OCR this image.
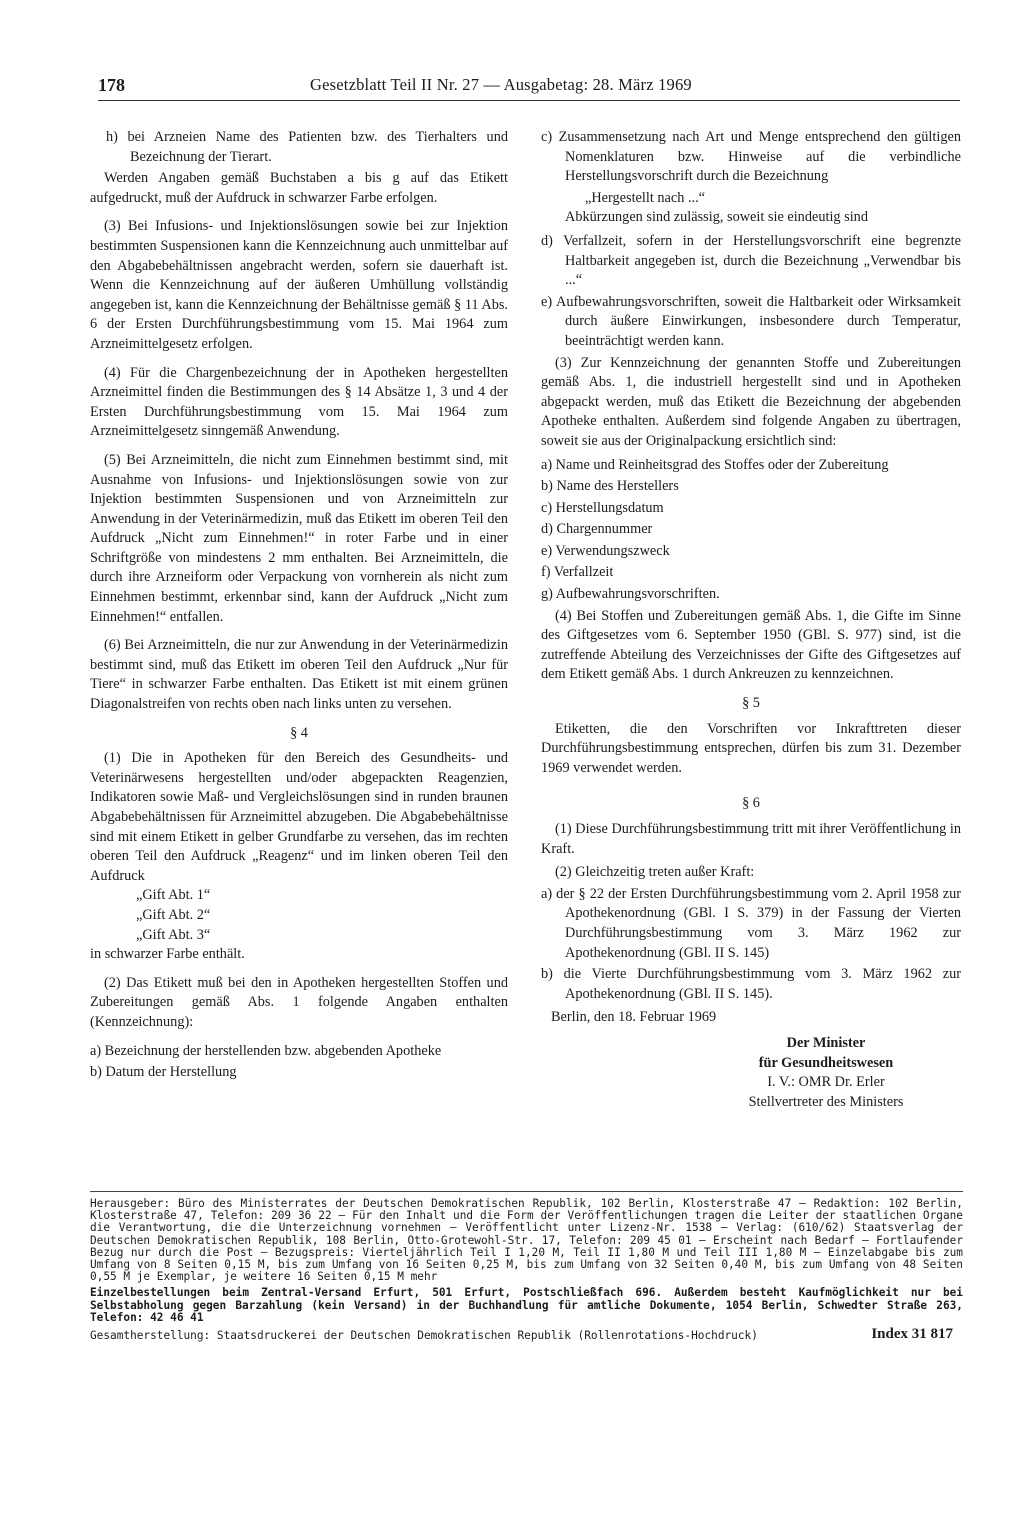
178	Gesetzblatt Teil II Nr. 27 — Ausgabetag: 28. März 1969

h) bei Arzneien Name des Patienten bzw. des Tierhalters und Bezeichnung der Tierart.

Werden Angaben gemäß Buchstaben a bis g auf das Etikett aufgedruckt, muß der Aufdruck in schwarzer Farbe erfolgen.

(3) Bei Infusions- und Injektionslösungen sowie bei zur Injektion bestimmten Suspensionen kann die Kennzeichnung auch unmittelbar auf den Abgabebehältnissen angebracht werden, sofern sie dauerhaft ist. Wenn die Kennzeichnung auf der äußeren Umhüllung vollständig angegeben ist, kann die Kennzeichnung der Behältnisse gemäß § 11 Abs. 6 der Ersten Durchführungsbestimmung vom 15. Mai 1964 zum Arzneimittelgesetz erfolgen.

(4) Für die Chargenbezeichnung der in Apotheken hergestellten Arzneimittel finden die Bestimmungen des § 14 Absätze 1, 3 und 4 der Ersten Durchführungsbestimmung vom 15. Mai 1964 zum Arzneimittelgesetz sinngemäß Anwendung.

(5) Bei Arzneimitteln, die nicht zum Einnehmen bestimmt sind, mit Ausnahme von Infusions- und Injektionslösungen sowie von zur Injektion bestimmten Suspensionen und von Arzneimitteln zur Anwendung in der Veterinärmedizin, muß das Etikett im oberen Teil den Aufdruck „Nicht zum Einnehmen!“ in roter Farbe und in einer Schriftgröße von mindestens 2 mm enthalten. Bei Arzneimitteln, die durch ihre Arzneiform oder Verpackung von vornherein als nicht zum Einnehmen bestimmt, erkennbar sind, kann der Aufdruck „Nicht zum Einnehmen!“ entfallen.

(6) Bei Arzneimitteln, die nur zur Anwendung in der Veterinärmedizin bestimmt sind, muß das Etikett im oberen Teil den Aufdruck „Nur für Tiere“ in schwarzer Farbe enthalten. Das Etikett ist mit einem grünen Diagonalstreifen von rechts oben nach links unten zu versehen.

§ 4

(1) Die in Apotheken für den Bereich des Gesundheits- und Veterinärwesens hergestellten und/oder abgepackten Reagenzien, Indikatoren sowie Maß- und Vergleichslösungen sind in runden braunen Abgabebehältnissen für Arzneimittel abzugeben. Die Abgabebehältnisse sind mit einem Etikett in gelber Grundfarbe zu versehen, das im rechten oberen Teil den Aufdruck „Reagenz“ und im linken oberen Teil den Aufdruck

„Gift Abt. 1“

„Gift Abt. 2“

„Gift Abt. 3“

in schwarzer Farbe enthält.

(2) Das Etikett muß bei den in Apotheken hergestellten Stoffen und Zubereitungen gemäß Abs. 1 folgende Angaben enthalten (Kennzeichnung):

a) Bezeichnung der herstellenden bzw. abgebenden Apotheke

b) Datum der Herstellung

c) Zusammensetzung nach Art und Menge entsprechend den gültigen Nomenklaturen bzw. Hinweise auf die verbindliche Herstellungsvorschrift durch die Bezeichnung

„Hergestellt nach ...“

Abkürzungen sind zulässig, soweit sie eindeutig sind

d) Verfallzeit, sofern in der Herstellungsvorschrift eine begrenzte Haltbarkeit angegeben ist, durch die Bezeichnung „Verwendbar bis ...“

e) Aufbewahrungsvorschriften, soweit die Haltbarkeit oder Wirksamkeit durch äußere Einwirkungen, insbesondere durch Temperatur, beeinträchtigt werden kann.

(3) Zur Kennzeichnung der genannten Stoffe und Zubereitungen gemäß Abs. 1, die industriell hergestellt sind und in Apotheken abgepackt werden, muß das Etikett die Bezeichnung der abgebenden Apotheke enthalten. Außerdem sind folgende Angaben zu übertragen, soweit sie aus der Originalpackung ersichtlich sind:

a) Name und Reinheitsgrad des Stoffes oder der Zubereitung

b) Name des Herstellers

c) Herstellungsdatum

d) Chargennummer

e) Verwendungszweck

f) Verfallzeit

g) Aufbewahrungsvorschriften.

(4) Bei Stoffen und Zubereitungen gemäß Abs. 1, die Gifte im Sinne des Giftgesetzes vom 6. September 1950 (GBl. S. 977) sind, ist die zutreffende Abteilung des Verzeichnisses der Gifte des Giftgesetzes auf dem Etikett gemäß Abs. 1 durch Ankreuzen zu kennzeichnen.

§ 5

Etiketten, die den Vorschriften vor Inkrafttreten dieser Durchführungsbestimmung entsprechen, dürfen bis zum 31. Dezember 1969 verwendet werden.

§ 6

(1) Diese Durchführungsbestimmung tritt mit ihrer Veröffentlichung in Kraft.

(2) Gleichzeitig treten außer Kraft:

a) der § 22 der Ersten Durchführungsbestimmung vom 2. April 1958 zur Apothekenordnung (GBl. I S. 379) in der Fassung der Vierten Durchführungsbestimmung vom 3. März 1962 zur Apothekenordnung (GBl. II S. 145)

b) die Vierte Durchführungsbestimmung vom 3. März 1962 zur Apothekenordnung (GBl. II S. 145).

Berlin, den 18. Februar 1969

Der Minister

für Gesundheitswesen

I. V.: OMR Dr. Erler

Stellvertreter des Ministers

Herausgeber: Büro des Ministerrates der Deutschen Demokratischen Republik, 102 Berlin, Klosterstraße 47 – Redaktion: 102 Berlin, Klosterstraße 47, Telefon: 209 36 22 – Für den Inhalt und die Form der Veröffentlichungen tragen die Leiter der staatlichen Organe die Verantwortung, die die Unterzeichnung vornehmen – Veröffentlicht unter Lizenz-Nr. 1538 – Verlag: (610/62) Staatsverlag der Deutschen Demokratischen Republik, 108 Berlin, Otto-Grotewohl-Str. 17, Telefon: 209 45 01 – Erscheint nach Bedarf – Fortlaufender Bezug nur durch die Post – Bezugspreis: Vierteljährlich Teil I 1,20 M, Teil II 1,80 M und Teil III 1,80 M – Einzelabgabe bis zum Umfang von 8 Seiten 0,15 M, bis zum Umfang von 16 Seiten 0,25 M, bis zum Umfang von 32 Seiten 0,40 M, bis zum Umfang von 48 Seiten 0,55 M je Exemplar, je weitere 16 Seiten 0,15 M mehr

Einzelbestellungen beim Zentral-Versand Erfurt, 501 Erfurt, Postschließfach 696. Außerdem besteht Kaufmöglichkeit nur bei Selbstabholung gegen Barzahlung (kein Versand) in der Buchhandlung für amtliche Dokumente, 1054 Berlin, Schwedter Straße 263, Telefon: 42 46 41

Gesamtherstellung: Staatsdruckerei der Deutschen Demokratischen Republik (Rollenrotations-Hochdruck)	Index 31 817
